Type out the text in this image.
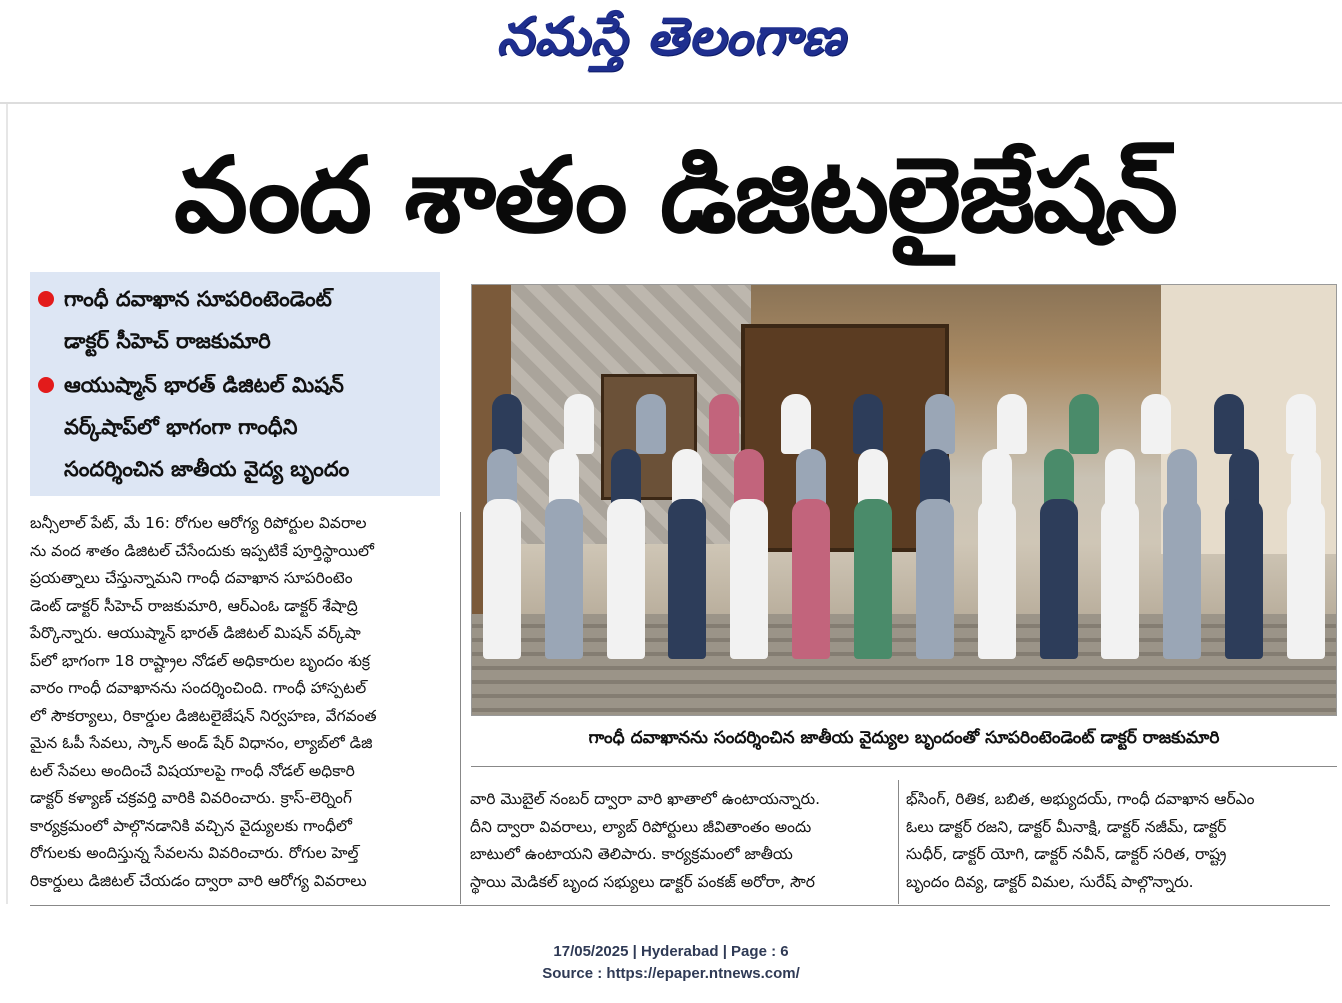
నమస్తే తెలంగాణ
వంద శాతం డిజిటలైజేషన్
గాంధీ దవాఖాన సూపరింటెండెంట్
డాక్టర్ సీహెచ్ రాజకుమారి
ఆయుష్మాన్ భారత్ డిజిటల్ మిషన్
వర్క్‌షాప్‌లో భాగంగా గాంధీని
సందర్శించిన జాతీయ వైద్య బృందం
గాంధీ దవాఖానను సందర్శించిన జాతీయ వైద్యుల బృందంతో సూపరింటెండెంట్ డాక్టర్ రాజకుమారి

బన్సీలాల్ పేట్, మే 16: రోగుల ఆరోగ్య రిపోర్టుల వివరాల

ను వంద శాతం డిజిటల్ చేసేందుకు ఇప్పటికే పూర్తిస్థాయిలో

ప్రయత్నాలు చేస్తున్నామని గాంధీ దవాఖాన సూపరింటెం

డెంట్ డాక్టర్ సీహెచ్ రాజకుమారి, ఆర్ఎంఓ డాక్టర్ శేషాద్రి

పేర్కొన్నారు. ఆయుష్మాన్ భారత్ డిజిటల్ మిషన్ వర్క్‌షా

ప్‌లో భాగంగా 18 రాష్ట్రాల నోడల్ అధికారుల బృందం శుక్ర

వారం గాంధీ దవాఖానను సందర్శించింది. గాంధీ హాస్పటల్

లో సౌకర్యాలు, రికార్డుల డిజిటలైజేషన్ నిర్వహణ, వేగవంత

మైన ఓపీ సేవలు, స్కాన్ అండ్ షేర్ విధానం, ల్యాబ్‌లో డిజి

టల్ సేవలు అందించే విషయాలపై గాంధీ నోడల్ అధికారి

డాక్టర్ కళ్యాణ్ చక్రవర్తి వారికి వివరించారు. క్రాస్-లెర్నింగ్

కార్యక్రమంలో పాల్గొనడానికి వచ్చిన వైద్యులకు గాంధీలో

రోగులకు అందిస్తున్న సేవలను వివరించారు. రోగుల హెల్త్

రికార్డులు డిజిటల్ చేయడం ద్వారా వారి ఆరోగ్య వివరాలు

వారి మొబైల్ నంబర్ ద్వారా వారి ఖాతాలో ఉంటాయన్నారు.

దీని ద్వారా వివరాలు, ల్యాబ్ రిపోర్టులు జీవితాంతం అందు

బాటులో ఉంటాయని తెలిపారు. కార్యక్రమంలో జాతీయ

స్థాయి మెడికల్ బృంద సభ్యులు డాక్టర్ పంకజ్ అరోరా, సౌర

భ్‌సింగ్, రితిక, బబిత, అభ్యుదయ్, గాంధీ దవాఖాన ఆర్ఎం

ఓలు డాక్టర్ రజని, డాక్టర్ మీనాక్షి, డాక్టర్ నజీమ్, డాక్టర్

సుధీర్, డాక్టర్ యోగి, డాక్టర్ నవీన్, డాక్టర్ సరిత, రాష్ట్ర

బృందం దివ్య, డాక్టర్ విమల, సురేష్ పాల్గొన్నారు.

17/05/2025 | Hyderabad | Page : 6
Source : https://epaper.ntnews.com/
